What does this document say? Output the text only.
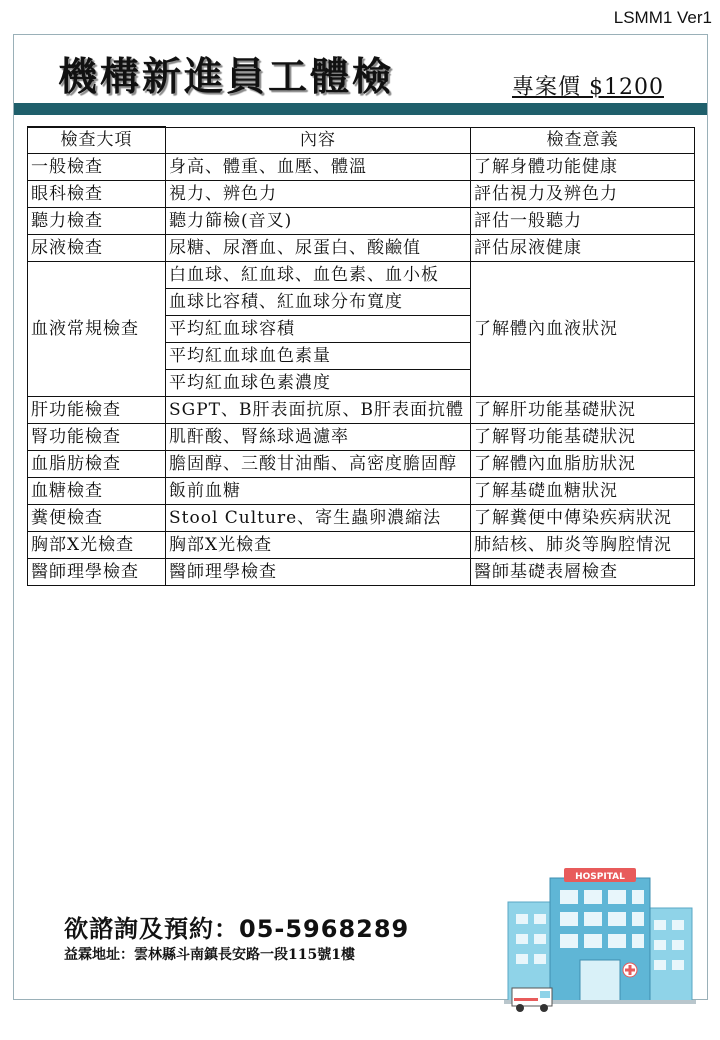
LSMM1 Ver1
機構新進員工體檢	專案價 $1200
檢查大項	內容	檢查意義
一般檢查	身高、體重、血壓、體溫	了解身體功能健康
眼科檢查	視力、辨色力	評估視力及辨色力
聽力檢查	聽力篩檢(音叉)	評估一般聽力
尿液檢查	尿糖、尿潛血、尿蛋白、酸鹼值	評估尿液健康
血液常規檢查	白血球、紅血球、血色素、血小板	了解體內血液狀況
	血球比容積、紅血球分布寬度	
	平均紅血球容積	
	平均紅血球血色素量	
	平均紅血球色素濃度	
肝功能檢查	SGPT、B肝表面抗原、B肝表面抗體	了解肝功能基礎狀況
腎功能檢查	肌酐酸、腎絲球過濾率	了解腎功能基礎狀況
血脂肪檢查	膽固醇、三酸甘油酯、高密度膽固醇	了解體內血脂肪狀況
血糖檢查	飯前血糖	了解基礎血糖狀況
糞便檢查	Stool Culture、寄生蟲卵濃縮法	了解糞便中傳染疾病狀況
胸部X光檢查	胸部X光檢查	肺結核、肺炎等胸腔情況
醫師理學檢查	醫師理學檢查	醫師基礎表層檢查
欲諮詢及預約：05-5968289
益霖地址：雲林縣斗南鎮長安路一段115號1樓
HOSPITAL
